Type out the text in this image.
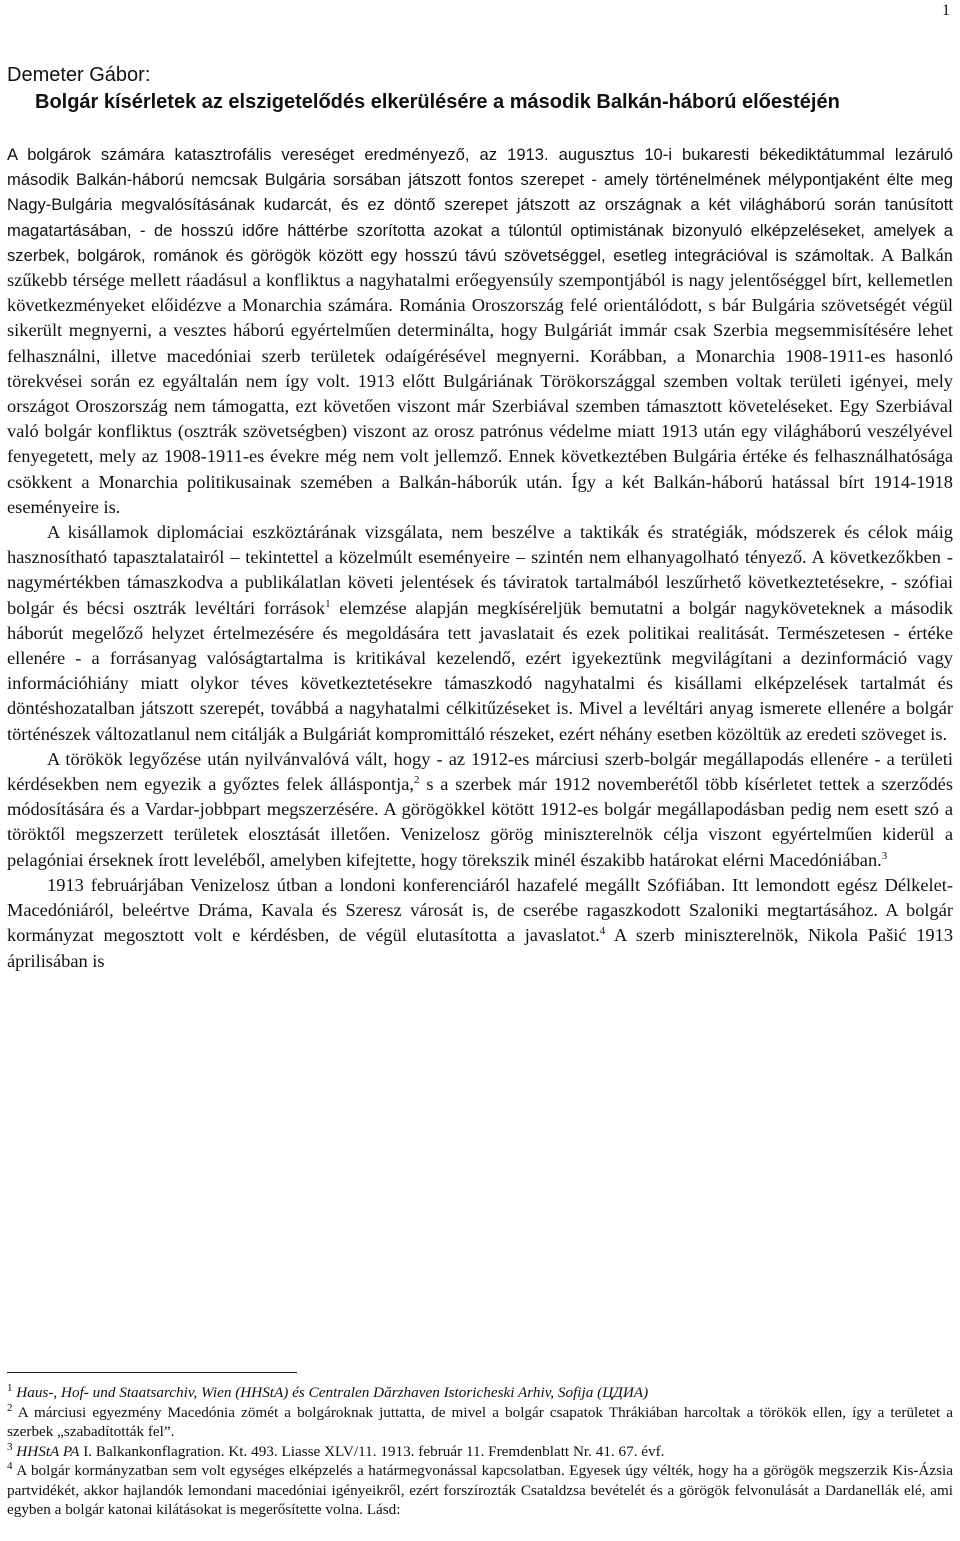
1

Demeter Gábor:

Bolgár kísérletek az elszigetelődés elkerülésére a második Balkán-háború előestéjén

A bolgárok számára katasztrofális vereséget eredményező, az 1913. augusztus 10-i bukaresti békediktátummal lezáruló második Balkán-háború nemcsak Bulgária sorsában játszott fontos szerepet - amely történelmének mélypontjaként élte meg Nagy-Bulgária megvalósításának kudarcát, és ez döntő szerepet játszott az országnak a két világháború során tanúsított magatartásában, - de hosszú időre háttérbe szorította azokat a túlontúl optimistának bizonyuló elképzeléseket, amelyek a szerbek, bolgárok, románok és görögök között egy hosszú távú szövetséggel, esetleg integrációval is számoltak. A Balkán szűkebb térsége mellett ráadásul a konfliktus a nagyhatalmi erőegyensúly szempontjából is nagy jelentőséggel bírt, kellemetlen következményeket előidézve a Monarchia számára. Románia Oroszország felé orientálódott, s bár Bulgária szövetségét végül sikerült megnyerni, a vesztes háború egyértelműen determinálta, hogy Bulgáriát immár csak Szerbia megsemmisítésére lehet felhasználni, illetve macedóniai szerb területek odaígérésével megnyerni. Korábban, a Monarchia 1908-1911-es hasonló törekvései során ez egyáltalán nem így volt. 1913 előtt Bulgáriának Törökországgal szemben voltak területi igényei, mely országot Oroszország nem támogatta, ezt követően viszont már Szerbiával szemben támasztott követeléseket. Egy Szerbiával való bolgár konfliktus (osztrák szövetségben) viszont az orosz patrónus védelme miatt 1913 után egy világháború veszélyével fenyegetett, mely az 1908-1911-es évekre még nem volt jellemző. Ennek következtében Bulgária értéke és felhasználhatósága csökkent a Monarchia politikusainak szemében a Balkán-háborúk után. Így a két Balkán-háború hatással bírt 1914-1918 eseményeire is.

A kisállamok diplomáciai eszköztárának vizsgálata, nem beszélve a taktikák és stratégiák, módszerek és célok máig hasznosítható tapasztalatairól – tekintettel a közelmúlt eseményeire – szintén nem elhanyagolható tényező. A következőkben - nagymértékben támaszkodva a publikálatlan követi jelentések és táviratok tartalmából leszűrhető következtetésekre, - szófiai bolgár és bécsi osztrák levéltári források$^1$ elemzése alapján megkíséreljük bemutatni a bolgár nagyköveteknek a második háborút megelőző helyzet értelmezésére és megoldására tett javaslatait és ezek politikai realitását. Természetesen - értéke ellenére - a forrásanyag valóságtartalma is kritikával kezelendő, ezért igyekeztünk megvilágítani a dezinformáció vagy információhiány miatt olykor téves következtetésekre támaszkodó nagyhatalmi és kisállami elképzelések tartalmát és döntéshozatalban játszott szerepét, továbbá a nagyhatalmi célkitűzéseket is. Mivel a levéltári anyag ismerete ellenére a bolgár történészek változatlanul nem citálják a Bulgáriát kompromittáló részeket, ezért néhány esetben közöltük az eredeti szöveget is.

A törökök legyőzése után nyilvánvalóvá vált, hogy - az 1912-es márciusi szerb-bolgár megállapodás ellenére - a területi kérdésekben nem egyezik a győztes felek álláspontja,$^2$ s a szerbek már 1912 novemberétől több kísérletet tettek a szerződés módosítására és a Vardar-jobbpart megszerzésére. A görögökkel kötött 1912-es bolgár megállapodásban pedig nem esett szó a töröktől megszerzett területek elosztását illetően. Venizelosz görög miniszterelnök célja viszont egyértelműen kiderül a pelagóniai érseknek írott leveléből, amelyben kifejtette, hogy törekszik minél északibb határokat elérni Macedóniában.$^3$

1913 februárjában Venizelosz útban a londoni konferenciáról hazafelé megállt Szófiában. Itt lemondott egész Délkelet-Macedóniáról, beleértve Dráma, Kavala és Szeresz városát is, de cserébe ragaszkodott Szaloniki megtartásához. A bolgár kormányzat megosztott volt e kérdésben, de végül elutasította a javaslatot.$^4$ A szerb miniszterelnök, Nikola Pašić 1913 áprilisában is

$^1$ Haus-, Hof- und Staatsarchiv, Wien (HHStA) és Centralen Dărzhaven Istoricheski Arhiv, Sofija (ЦДИА)

$^2$ A márciusi egyezmény Macedónia zömét a bolgároknak juttatta, de mivel a bolgár csapatok Thrákiában harcoltak a törökök ellen, így a területet a szerbek „szabadították fel”.

$^3$ HHStA PA I. Balkankonflagration. Kt. 493. Liasse XLV/11. 1913. február 11. Fremdenblatt Nr. 41. 67. évf.

$^4$ A bolgár kormányzatban sem volt egységes elképzelés a határmegvonással kapcsolatban. Egyesek úgy vélték, hogy ha a görögök megszerzik Kis-Ázsia partvidékét, akkor hajlandók lemondani macedóniai igényeikről, ezért forszírozták Csataldzsa bevételét és a görögök felvonulását a Dardanellák elé, ami egyben a bolgár katonai kilátásokat is megerősítette volna. Lásd:
